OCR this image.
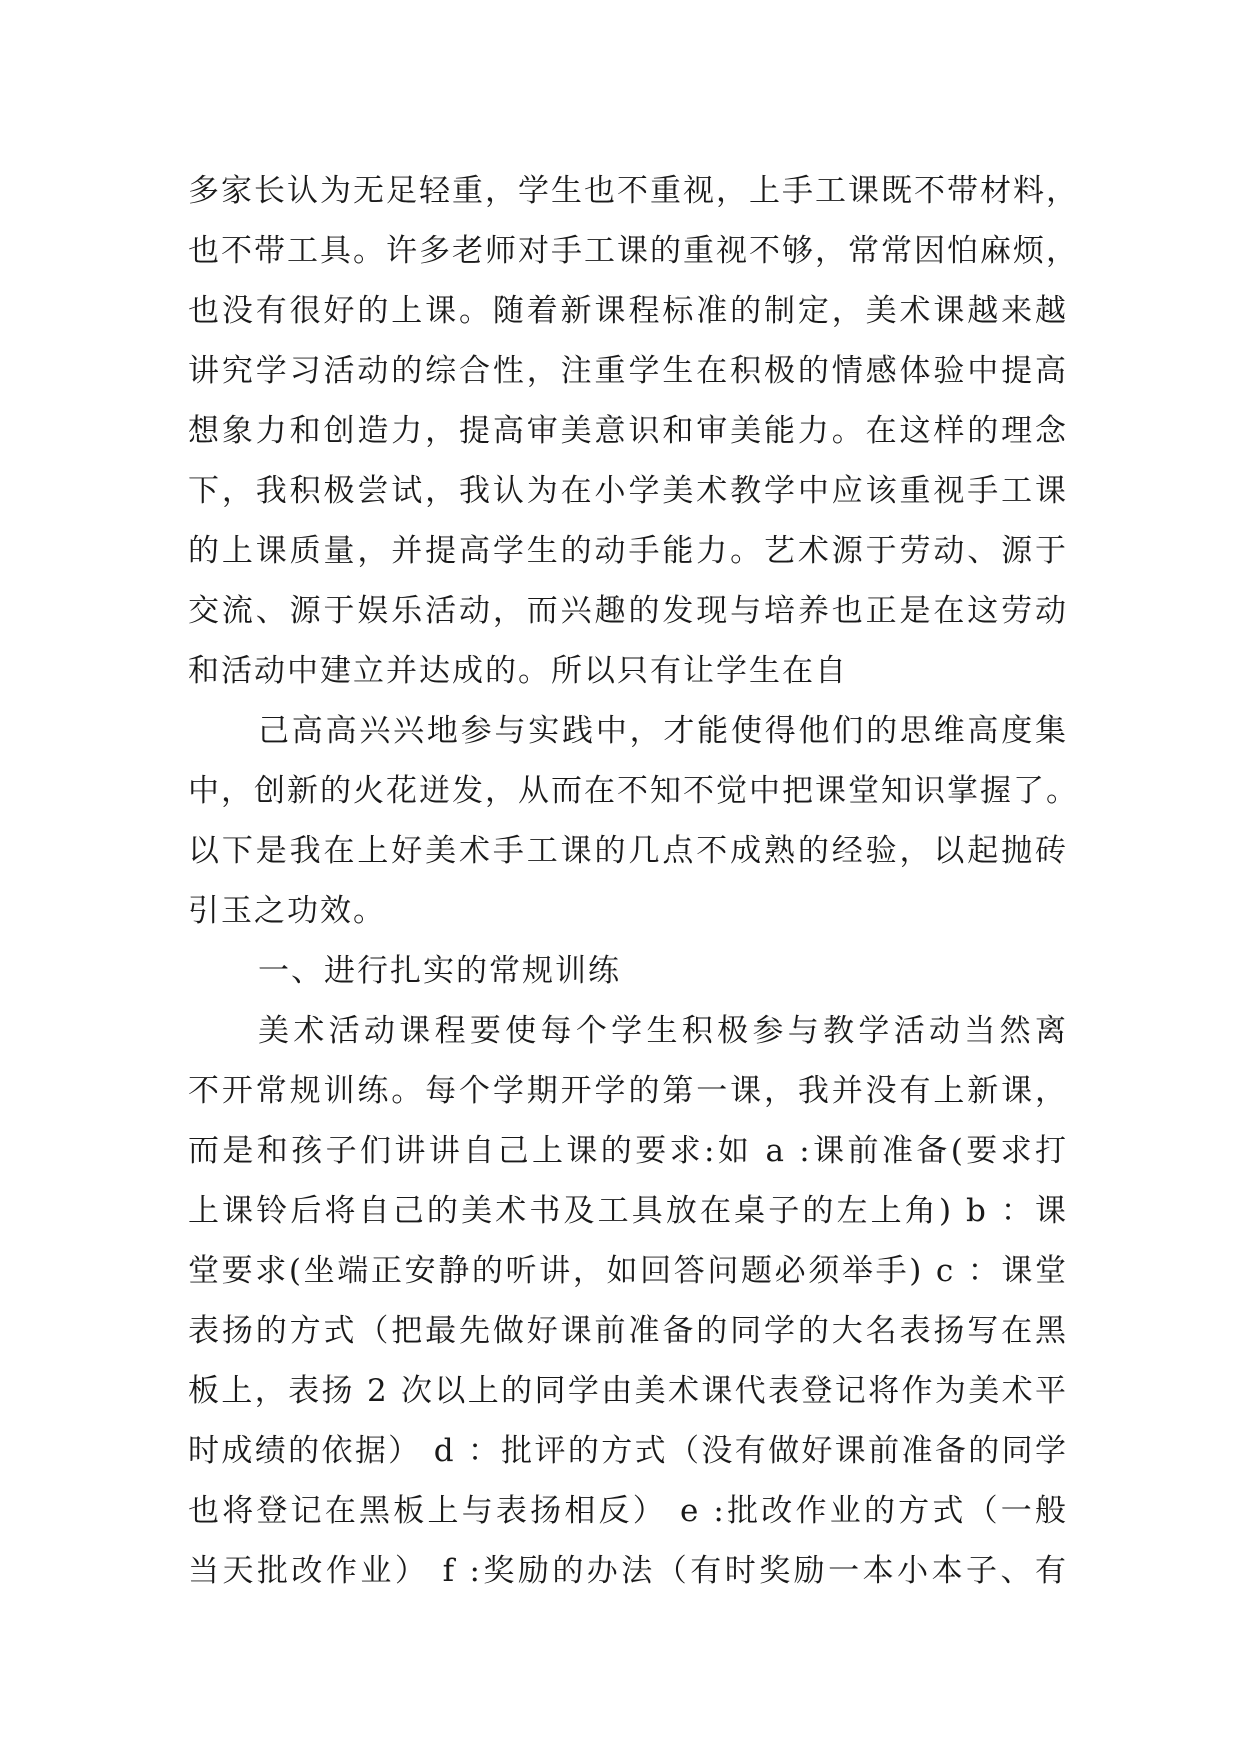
多家长认为无足轻重，学生也不重视，上手工课既不带材料，
也不带工具。许多老师对手工课的重视不够，常常因怕麻烦，
也没有很好的上课。随着新课程标准的制定，美术课越来越
讲究学习活动的综合性，注重学生在积极的情感体验中提高
想象力和创造力，提高审美意识和审美能力。在这样的理念
下，我积极尝试，我认为在小学美术教学中应该重视手工课
的上课质量，并提高学生的动手能力。艺术源于劳动、源于
交流、源于娱乐活动，而兴趣的发现与培养也正是在这劳动
和活动中建立并达成的。所以只有让学生在自
己高高兴兴地参与实践中，才能使得他们的思维高度集
中，创新的火花迸发，从而在不知不觉中把课堂知识掌握了。
以下是我在上好美术手工课的几点不成熟的经验，以起抛砖
引玉之功效。
一、进行扎实的常规训练
美术活动课程要使每个学生积极参与教学活动当然离
不开常规训练。每个学期开学的第一课，我并没有上新课，
而是和孩子们讲讲自己上课的要求:如 a :课前准备(要求打
上课铃后将自己的美术书及工具放在桌子的左上角) b ：课
堂要求(坐端正安静的听讲，如回答问题必须举手) c ：课堂
表扬的方式（把最先做好课前准备的同学的大名表扬写在黑
板上，表扬 2 次以上的同学由美术课代表登记将作为美术平
时成绩的依据） d ：批评的方式（没有做好课前准备的同学
也将登记在黑板上与表扬相反） e :批改作业的方式（一般
当天批改作业） f :奖励的办法（有时奖励一本小本子、有
